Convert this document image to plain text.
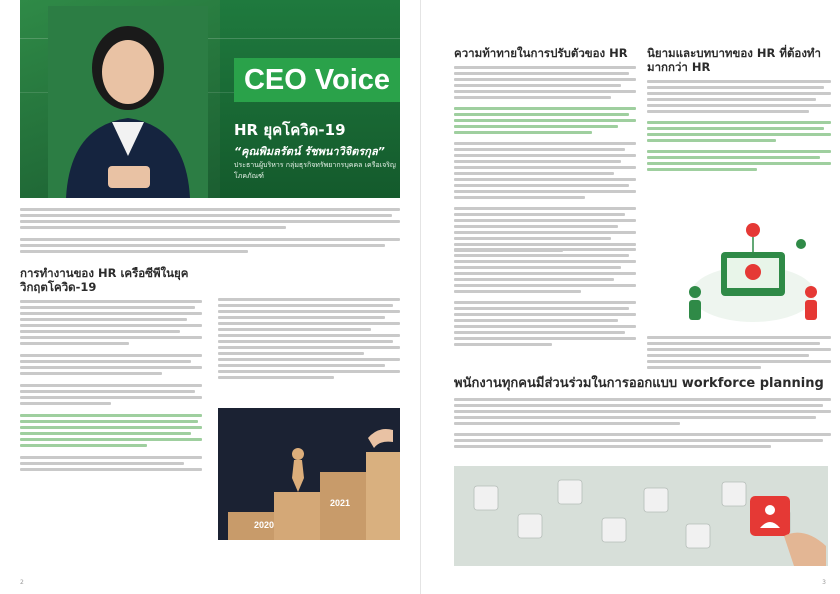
CEO Voice
HR ยุคโควิด-19
“คุณพิมลรัตน์ รัชพนาวิจิตรกุล”
ประธานผู้บริหาร กลุ่มธุรกิจทรัพยากรบุคคล เครือเจริญโภคภัณฑ์
การทำงานของ HR เครือซีพีในยุค วิกฤตโควิด-19
2020
2021
2
ความท้าทายในการปรับตัวของ HR	นิยามและบทบาทของ HR ที่ต้องทำมากกว่า HR
พนักงานทุกคนมีส่วนร่วมในการออกแบบ workforce planning
3
